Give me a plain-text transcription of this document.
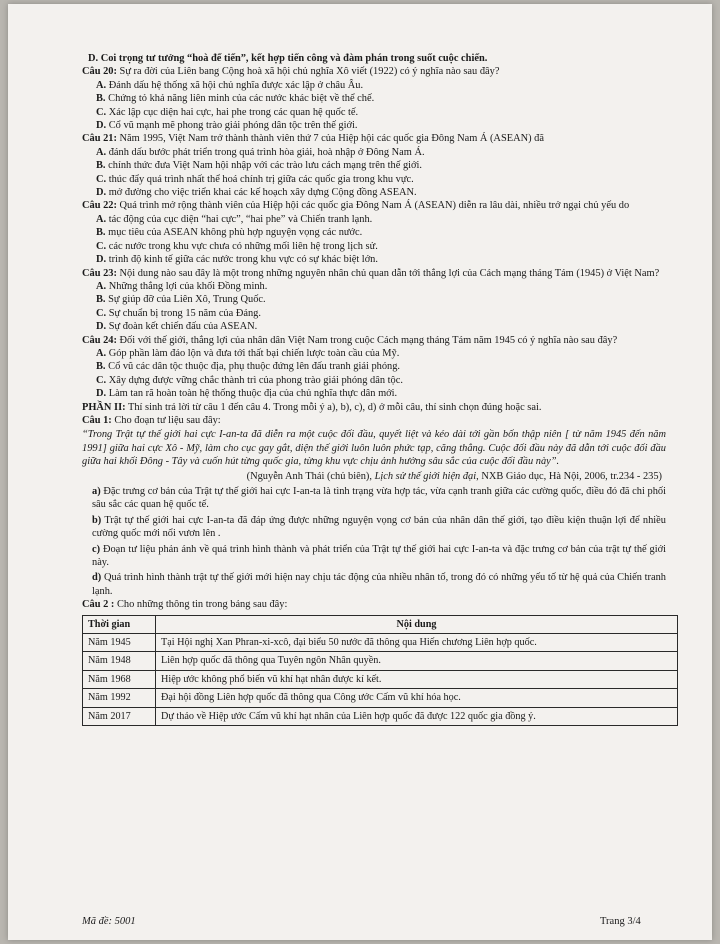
D. Coi trọng tư tưởng “hoà để tiến”, kết hợp tiến công và đàm phán trong suốt cuộc chiến.

Câu 20: Sự ra đời của Liên bang Cộng hoà xã hội chủ nghĩa Xô viết (1922) có ý nghĩa nào sau đây?

A. Đánh dấu hệ thống xã hội chủ nghĩa được xác lập ở châu Âu.

B. Chứng tỏ khả năng liên minh của các nước khác biệt về thể chế.

C. Xác lập cục diện hai cực, hai phe trong các quan hệ quốc tế.

D. Cổ vũ mạnh mẽ phong trào giải phóng dân tộc trên thế giới.

Câu 21: Năm 1995, Việt Nam trở thành thành viên thứ 7 của Hiệp hội các quốc gia Đông Nam Á (ASEAN) đã

A. đánh dấu bước phát triển trong quá trình hòa giải, hoà nhập ở Đông Nam Á.

B. chính thức đưa Việt Nam hội nhập với các trào lưu cách mạng trên thế giới.

C. thúc đẩy quá trình nhất thể hoá chính trị giữa các quốc gia trong khu vực.

D. mở đường cho việc triển khai các kế hoạch xây dựng Cộng đồng ASEAN.

Câu 22: Quá trình mở rộng thành viên của Hiệp hội các quốc gia Đông Nam Á (ASEAN) diễn ra lâu dài, nhiều trở ngại chủ yếu do

A. tác động của cục diện “hai cực”, “hai phe” và Chiến tranh lạnh.

B. mục tiêu của ASEAN không phù hợp nguyện vọng các nước.

C. các nước trong khu vực chưa có những mối liên hệ trong lịch sử.

D. trình độ kinh tế giữa các nước trong khu vực có sự khác biệt lớn.

Câu 23: Nội dung nào sau đây là một trong những nguyên nhân chủ quan dẫn tới thắng lợi của Cách mạng tháng Tám (1945) ở Việt Nam?

A. Những thắng lợi của khối Đồng minh.

B. Sự giúp đỡ của Liên Xô, Trung Quốc.

C. Sự chuẩn bị trong 15 năm của Đảng.

D. Sự đoàn kết chiến đấu của ASEAN.

Câu 24: Đối với thế giới, thắng lợi của nhân dân Việt Nam trong cuộc Cách mạng tháng Tám năm 1945 có ý nghĩa nào sau đây?

A. Góp phần làm đảo lộn và đưa tới thất bại chiến lược toàn cầu của Mỹ.

B. Cổ vũ các dân tộc thuộc địa, phụ thuộc đứng lên đấu tranh giải phóng.

C. Xây dựng được vững chắc thành trì của phong trào giải phóng dân tộc.

D. Làm tan rã hoàn toàn hệ thống thuộc địa của chủ nghĩa thực dân mới.

PHẦN II: Thí sinh trả lời từ câu 1 đến câu 4. Trong mỗi ý a), b), c), d) ở mỗi câu, thí sinh chọn đúng hoặc sai.

Câu 1: Cho đoạn tư liệu sau đây:

“Trong Trật tự thế giới hai cực I-an-ta đã diễn ra một cuộc đối đầu, quyết liệt và kéo dài tới gần bốn thập niên [ từ năm 1945 đến năm 1991] giữa hai cực Xô - Mỹ, làm cho cục gay gắt, diện thế giới luôn luôn phức tạp, căng thẳng. Cuộc đối đầu này đã dẫn tới cuộc đối đầu giữa hai khối Đông - Tây và cuốn hút từng quốc gia, từng khu vực chịu ảnh hưởng sâu sắc của cuộc đối đầu này”.

(Nguyễn Anh Thái (chủ biên), Lịch sử thế giới hiện đại, NXB Giáo dục, Hà Nội, 2006, tr.234 - 235)

a) Đặc trưng cơ bản của Trật tự thế giới hai cực I-an-ta là tình trạng vừa hợp tác, vừa cạnh tranh giữa các cường quốc, điều đó đã chi phối sâu sắc các quan hệ quốc tế.

b) Trật tự thế giới hai cực I-an-ta đã đáp ứng được những nguyện vọng cơ bản của nhân dân thế giới, tạo điều kiện thuận lợi để nhiều cường quốc mới nổi vươn lên .

c) Đoạn tư liệu phản ánh về quá trình hình thành và phát triển của Trật tự thế giới hai cực I-an-ta và đặc trưng cơ bản của trật tự thế giới này.

d) Quá trình hình thành trật tự thế giới mới hiện nay chịu tác động của nhiều nhân tố, trong đó có những yếu tố từ hệ quả của Chiến tranh lạnh.

Câu 2 : Cho những thông tin trong bảng sau đây:

Thời gian	Nội dung
Năm 1945	Tại Hội nghị Xan Phran-xi-xcô, đại biểu 50 nước đã thông qua Hiến chương Liên hợp quốc.
Năm 1948	Liên hợp quốc đã thông qua Tuyên ngôn Nhân quyền.
Năm 1968	Hiệp ước không phổ biến vũ khí hạt nhân được kí kết.
Năm 1992	Đại hội đồng Liên hợp quốc đã thông qua Công ước Cấm vũ khí hóa học.
Năm 2017	Dự thảo về Hiệp ước Cấm vũ khí hạt nhân của Liên hợp quốc đã được 122 quốc gia đồng ý.
Mã đề: 5001	Trang 3/4
